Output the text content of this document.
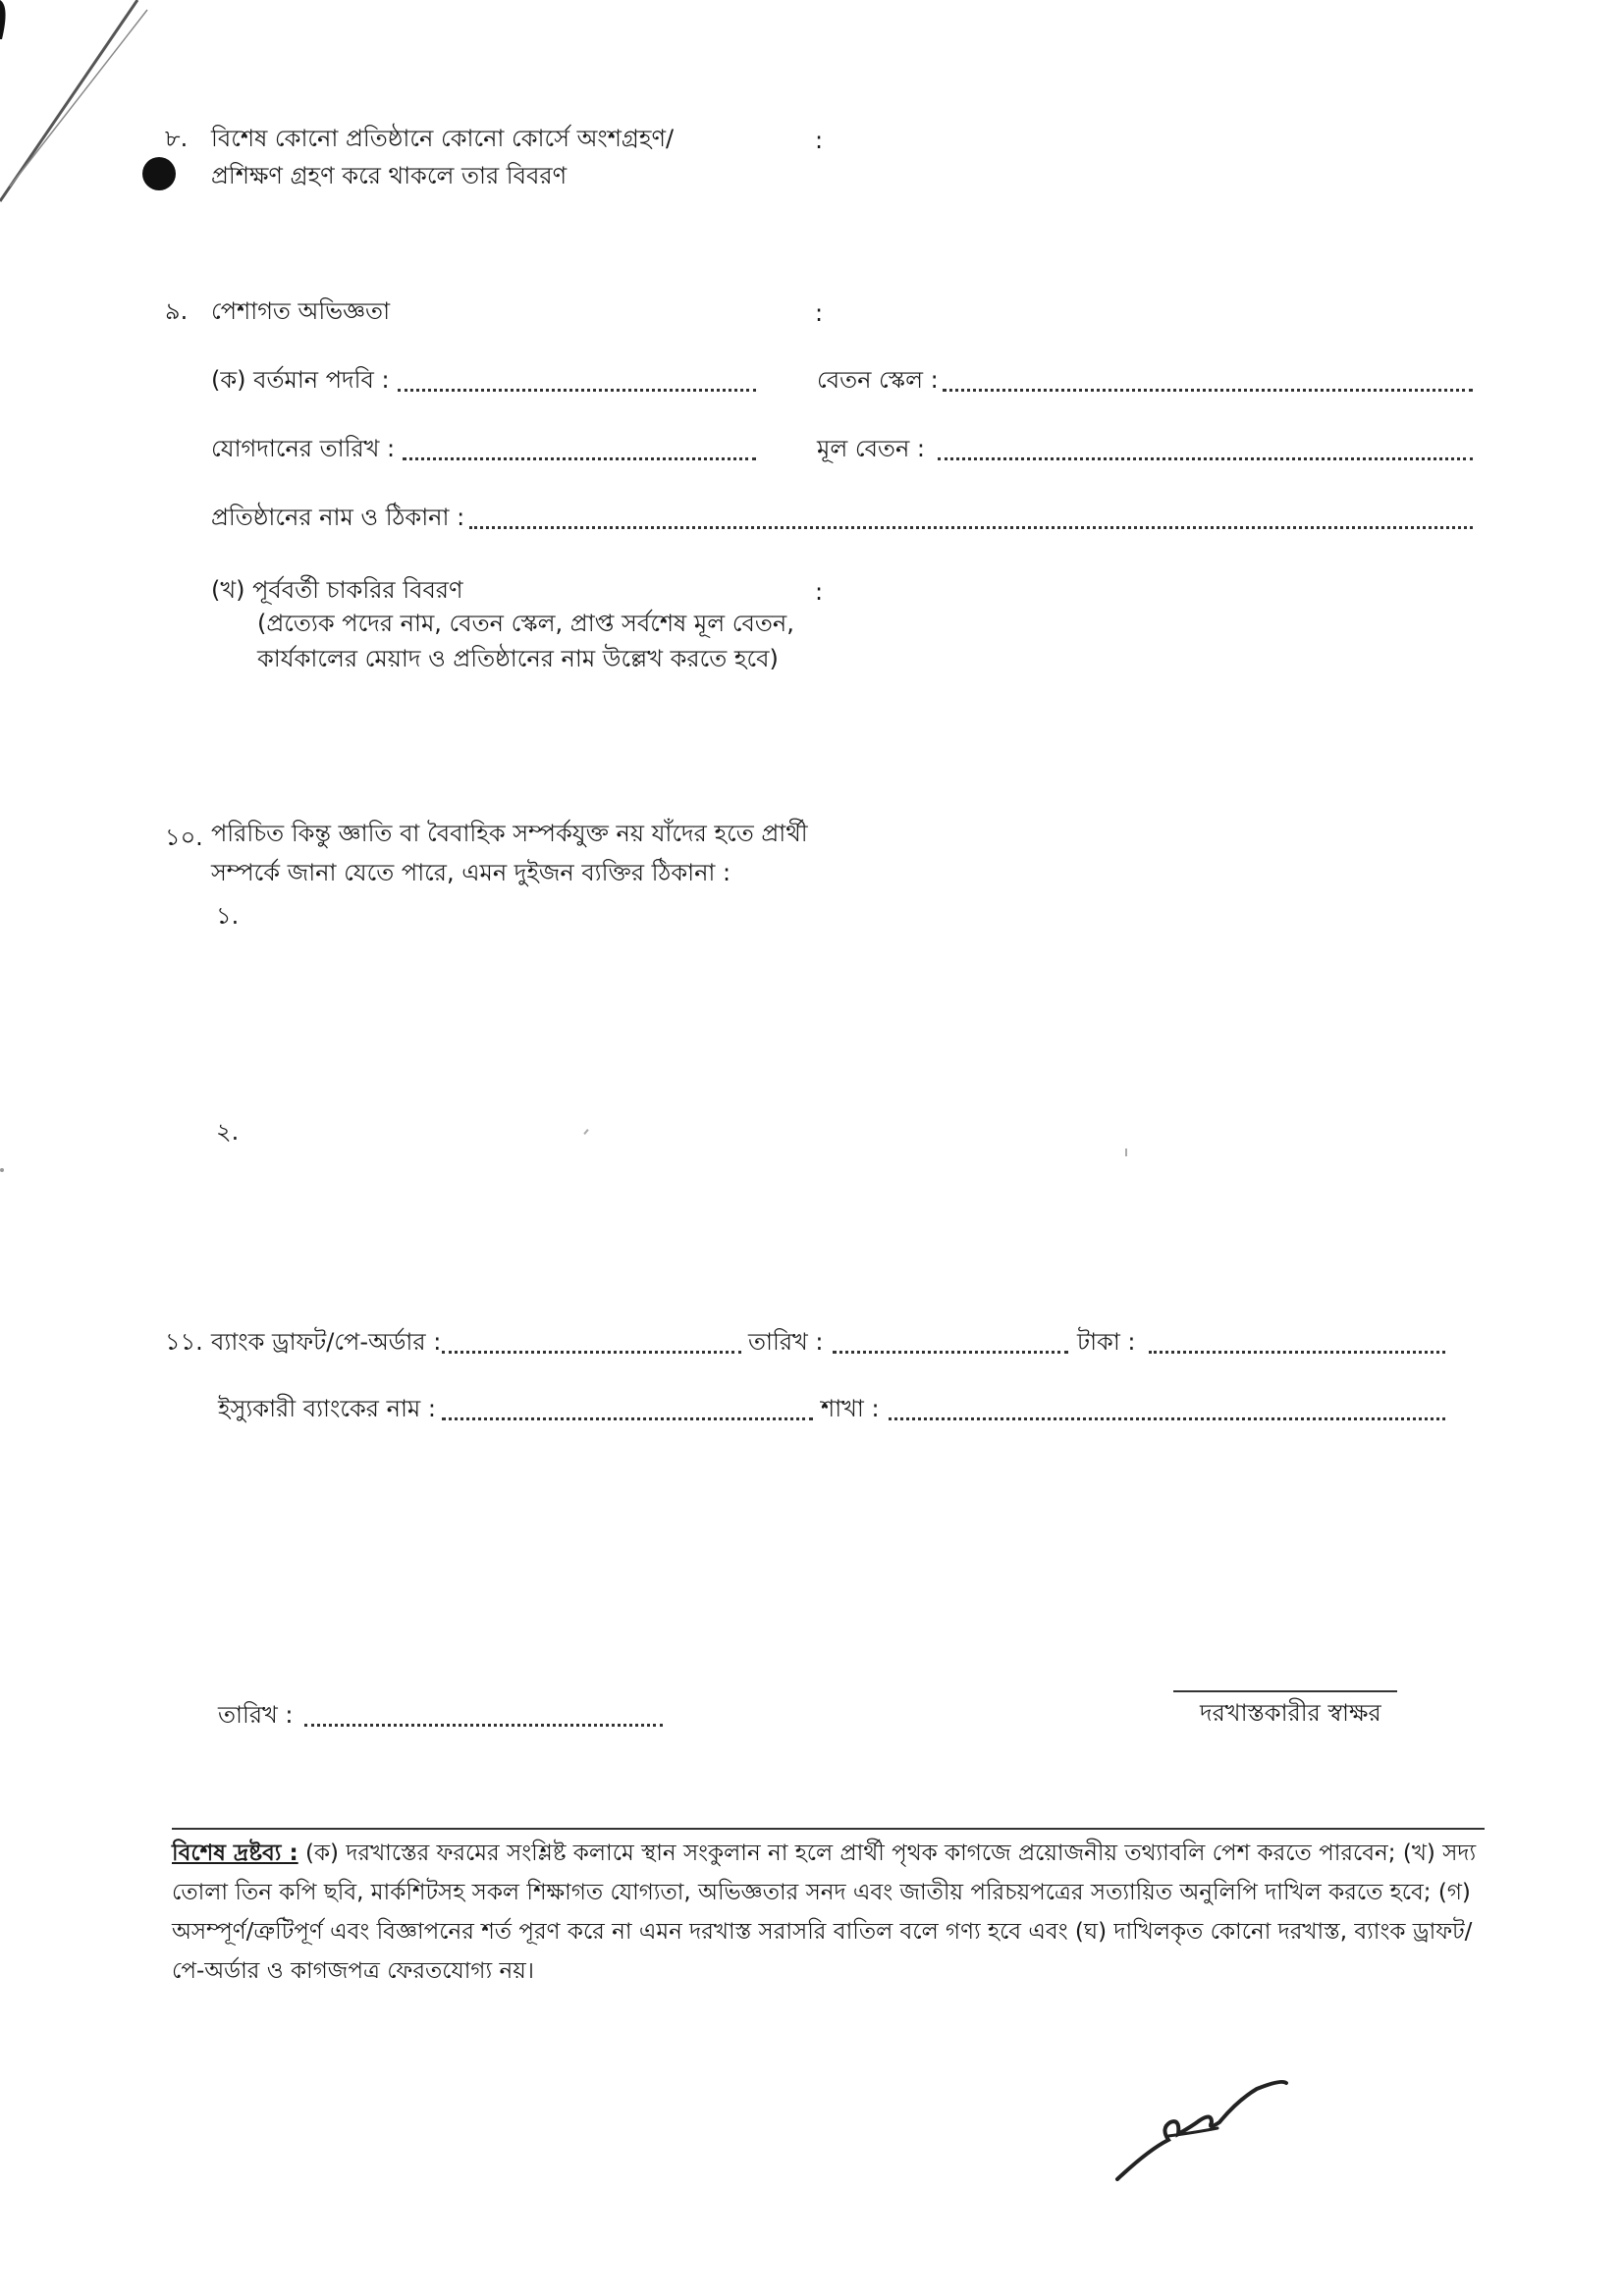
৮. বিশেষ কোনো প্রতিষ্ঠানে কোনো কোর্সে অংশগ্রহণ/
প্রশিক্ষণ গ্রহণ করে থাকলে তার বিবরণ
:
৯. পেশাগত অভিজ্ঞতা	:
(ক) বর্তমান পদবি :	বেতন স্কেল :
যোগদানের তারিখ :	মূল বেতন :
প্রতিষ্ঠানের নাম ও ঠিকানা :
(খ) পূর্ববর্তী চাকরির বিবরণ	:
(প্রত্যেক পদের নাম, বেতন স্কেল, প্রাপ্ত সর্বশেষ মূল বেতন,
কার্যকালের মেয়াদ ও প্রতিষ্ঠানের নাম উল্লেখ করতে হবে)
১০. পরিচিত কিন্তু জ্ঞাতি বা বৈবাহিক সম্পর্কযুক্ত নয় যাঁদের হতে প্রার্থী
সম্পর্কে জানা যেতে পারে, এমন দুইজন ব্যক্তির ঠিকানা :
১.
২.
১১. ব্যাংক ড্রাফট/পে-অর্ডার :	তারিখ :	টাকা :
ইস্যুকারী ব্যাংকের নাম :	শাখা :
তারিখ :	দরখাস্তকারীর স্বাক্ষর
বিশেষ দ্রষ্টব্য : (ক) দরখাস্তের ফরমের সংশ্লিষ্ট কলামে স্থান সংকুলান না হলে প্রার্থী পৃথক কাগজে প্রয়োজনীয় তথ্যাবলি পেশ করতে পারবেন; (খ) সদ্য তোলা তিন কপি ছবি, মার্কশিটসহ সকল শিক্ষাগত যোগ্যতা, অভিজ্ঞতার সনদ এবং জাতীয় পরিচয়পত্রের সত্যায়িত অনুলিপি দাখিল করতে হবে; (গ) অসম্পূর্ণ/ত্রুটিপূর্ণ এবং বিজ্ঞাপনের শর্ত পূরণ করে না এমন দরখাস্ত সরাসরি বাতিল বলে গণ্য হবে এবং (ঘ) দাখিলকৃত কোনো দরখাস্ত, ব্যাংক ড্রাফট/পে-অর্ডার ও কাগজপত্র ফেরতযোগ্য নয়।
